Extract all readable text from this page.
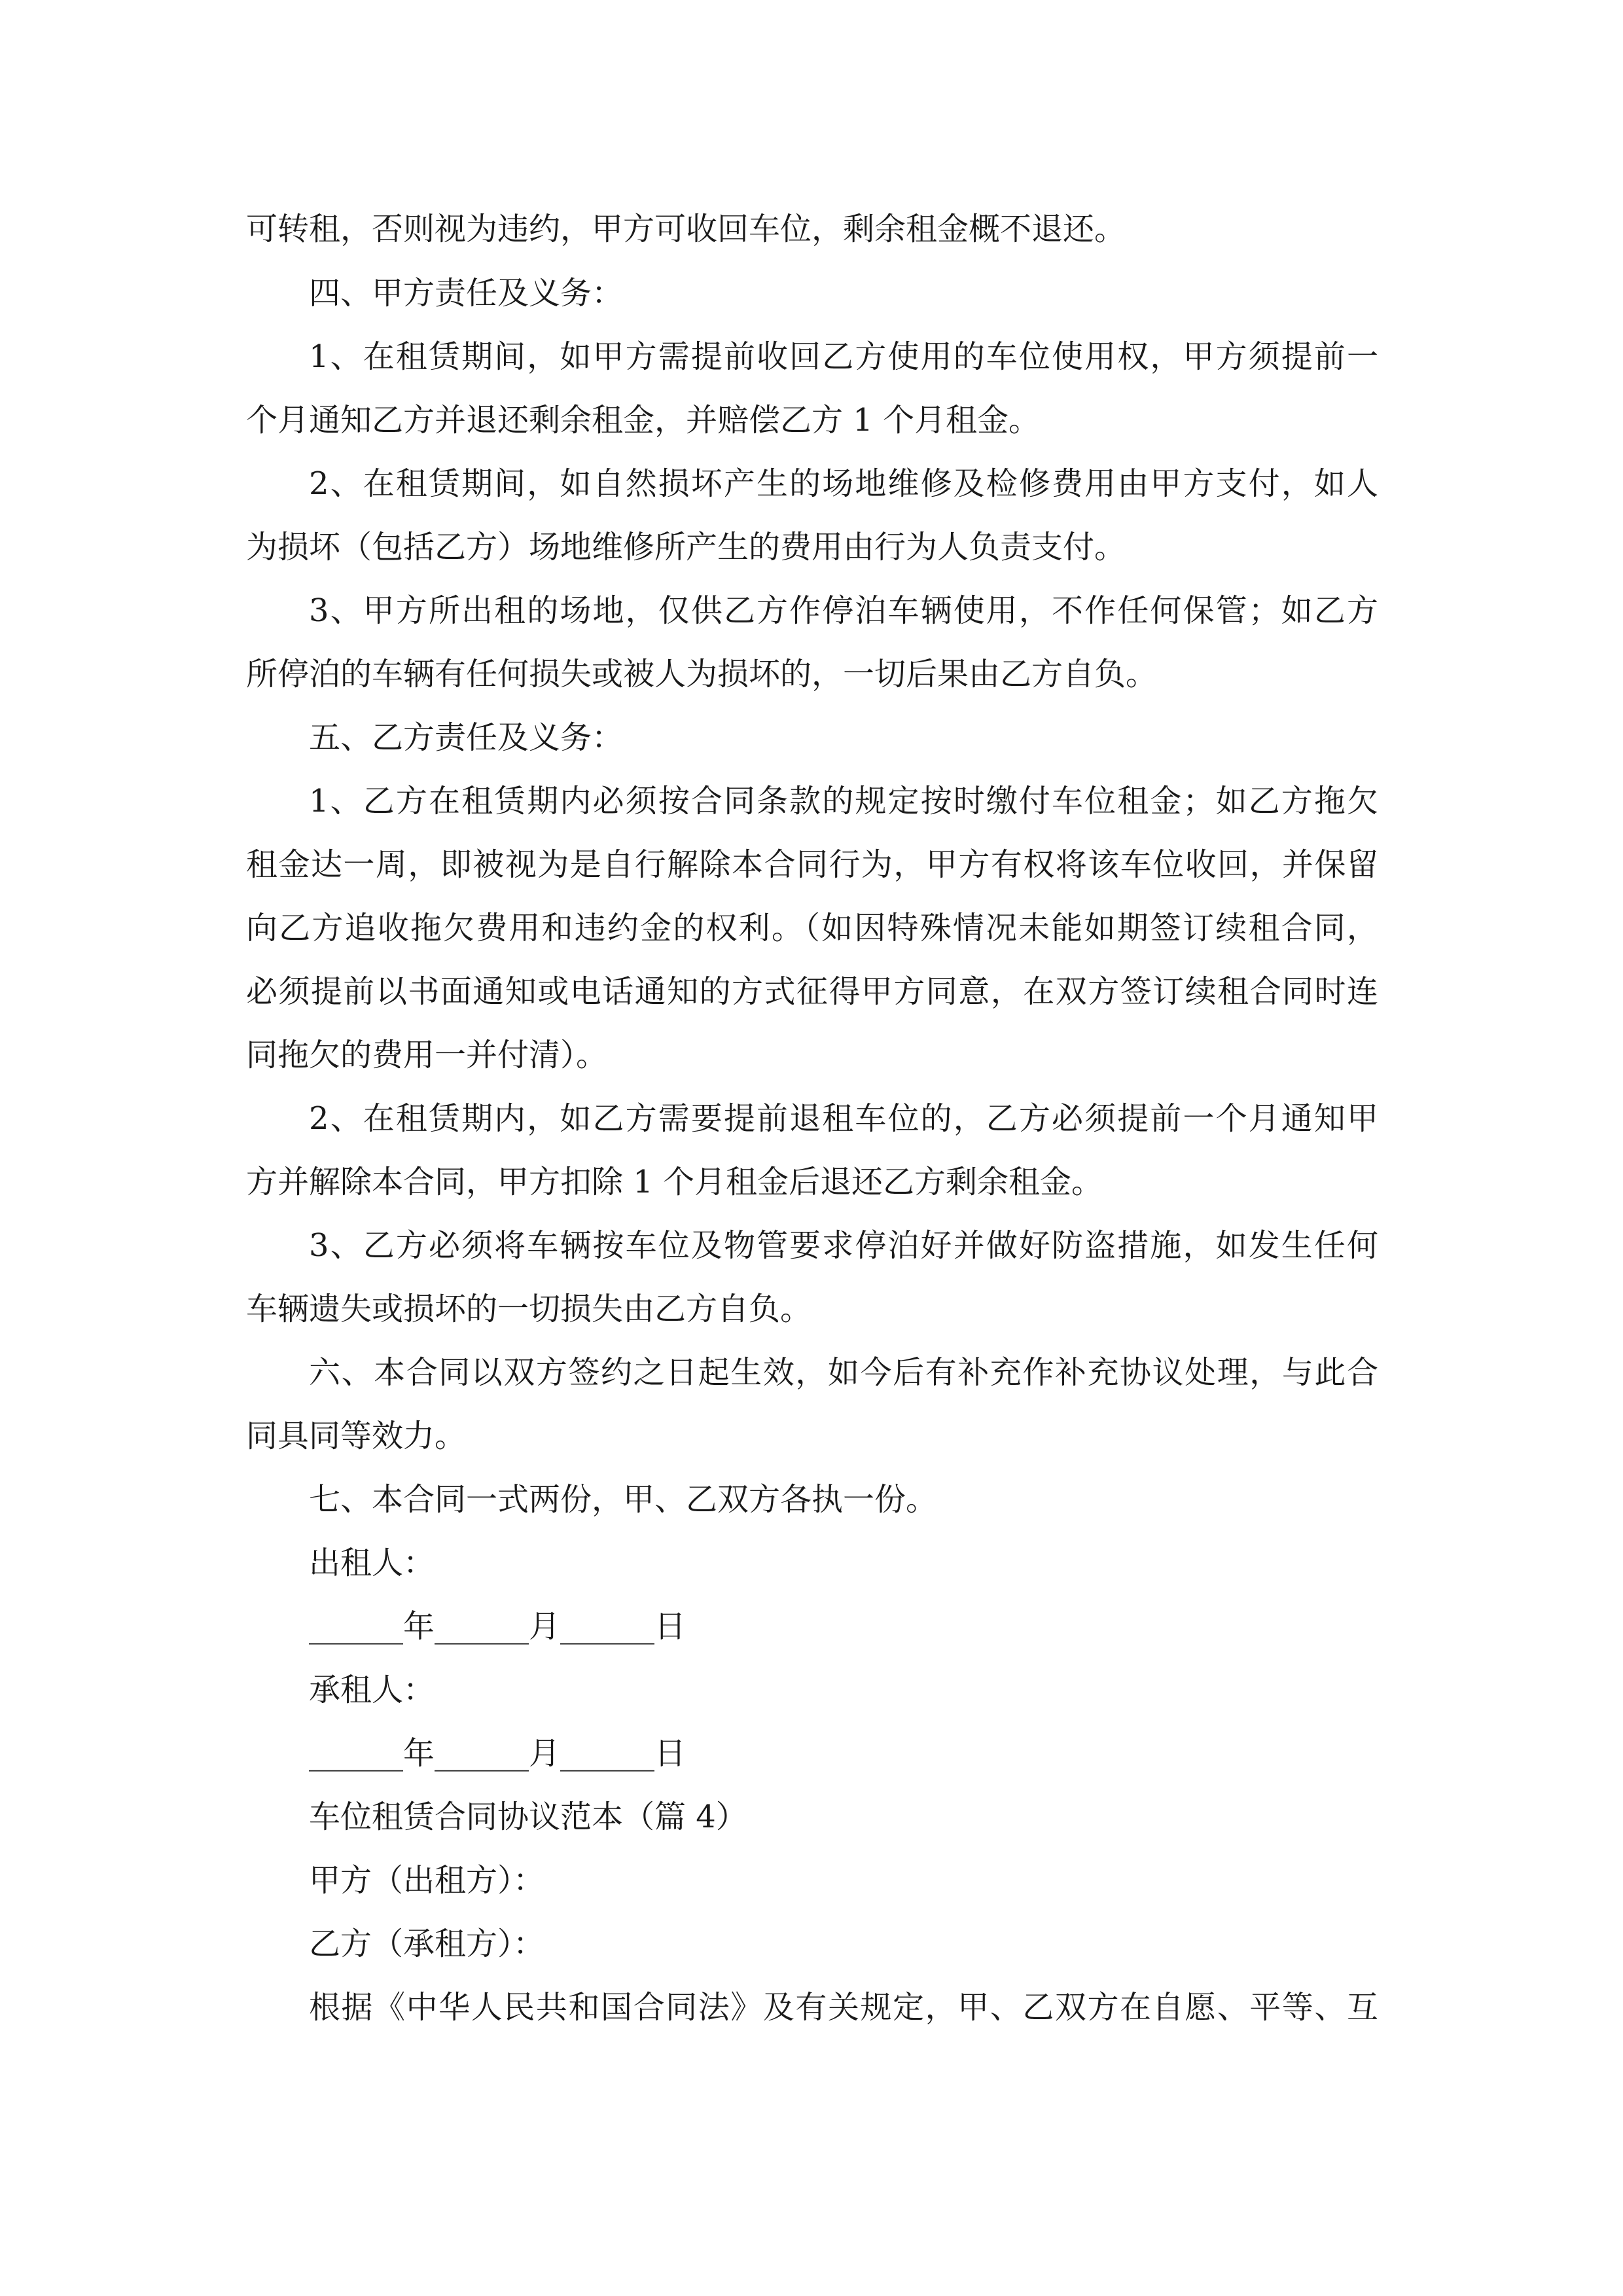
可转租，否则视为违约，甲方可收回车位，剩余租金概不退还。
四、甲方责任及义务：
1、在租赁期间，如甲方需提前收回乙方使用的车位使用权，甲方须提前一
个月通知乙方并退还剩余租金，并赔偿乙方 1 个月租金。
2、在租赁期间，如自然损坏产生的场地维修及检修费用由甲方支付，如人
为损坏（包括乙方）场地维修所产生的费用由行为人负责支付。
3、甲方所出租的场地，仅供乙方作停泊车辆使用，不作任何保管；如乙方
所停泊的车辆有任何损失或被人为损坏的，一切后果由乙方自负。
五、乙方责任及义务：
1、乙方在租赁期内必须按合同条款的规定按时缴付车位租金；如乙方拖欠
租金达一周，即被视为是自行解除本合同行为，甲方有权将该车位收回，并保留
向乙方追收拖欠费用和违约金的权利。（如因特殊情况未能如期签订续租合同，
必须提前以书面通知或电话通知的方式征得甲方同意，在双方签订续租合同时连
同拖欠的费用一并付清）。
2、在租赁期内，如乙方需要提前退租车位的，乙方必须提前一个月通知甲
方并解除本合同，甲方扣除 1 个月租金后退还乙方剩余租金。
3、乙方必须将车辆按车位及物管要求停泊好并做好防盗措施，如发生任何
车辆遗失或损坏的一切损失由乙方自负。
六、本合同以双方签约之日起生效，如今后有补充作补充协议处理，与此合
同具同等效力。
七、本合同一式两份，甲、乙双方各执一份。
出租人：
______年______月______日
承租人：
______年______月______日
车位租赁合同协议范本（篇 4）
甲方（出租方）：
乙方（承租方）：
根据《中华人民共和国合同法》及有关规定，甲、乙双方在自愿、平等、互
